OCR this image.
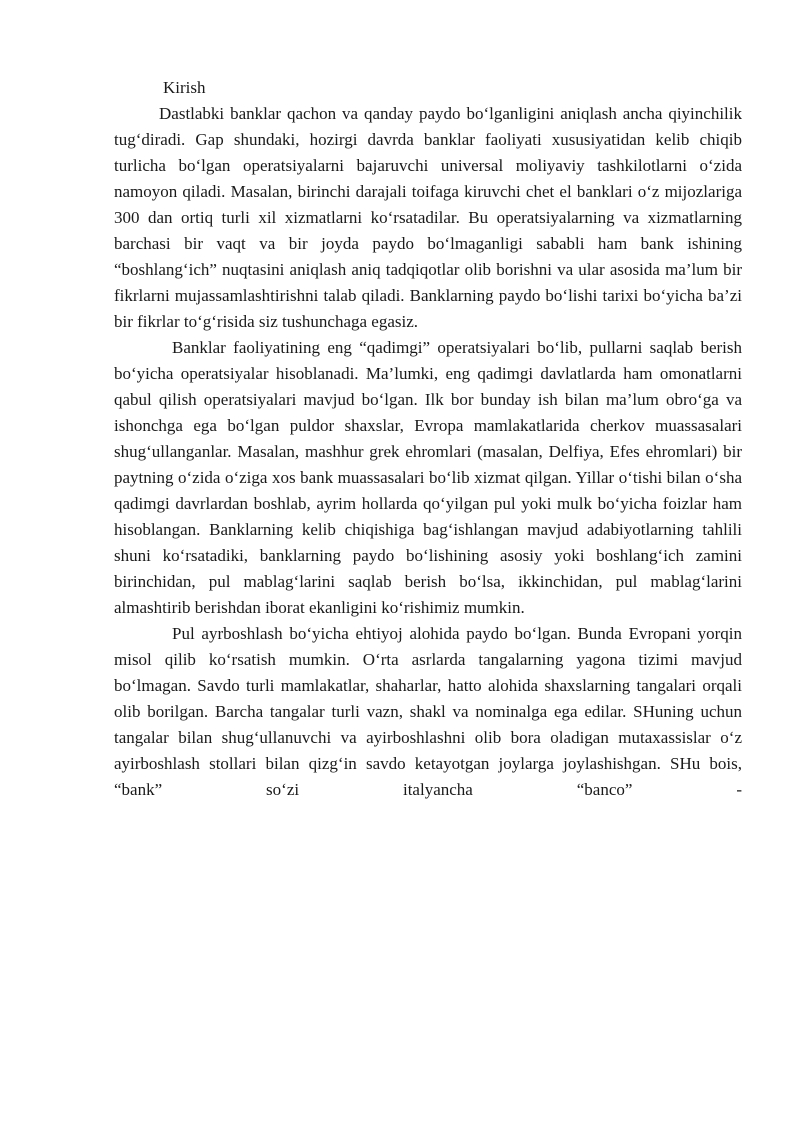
Kirish

Dastlabki banklar qachon va qanday paydo bo‘lganligini aniqlash ancha qiyinchilik tug‘diradi. Gap shundaki, hozirgi davrda banklar faoliyati xususiyatidan kelib chiqib turlicha bo‘lgan operatsiyalarni bajaruvchi universal moliyaviy tashkilotlarni o‘zida namoyon qiladi. Masalan, birinchi darajali toifaga kiruvchi chet el banklari o‘z mijozlariga 300 dan ortiq turli xil xizmatlarni ko‘rsatadilar. Bu operatsiyalarning va xizmatlarning barchasi bir vaqt va bir joyda paydo bo‘lmaganligi sababli ham bank ishining “boshlang‘ich” nuqtasini aniqlash aniq tadqiqotlar olib borishni va ular asosida ma’lum bir fikrlarni mujassamlashtirishni talab qiladi. Banklarning paydo bo‘lishi tarixi bo‘yicha ba’zi bir fikrlar to‘g‘risida siz tushunchaga egasiz.

Banklar faoliyatining eng “qadimgi” operatsiyalari bo‘lib, pullarni saqlab berish bo‘yicha operatsiyalar hisoblanadi. Ma’lumki, eng qadimgi davlatlarda ham omonatlarni qabul qilish operatsiyalari mavjud bo‘lgan. Ilk bor bunday ish bilan ma’lum obro‘ga va ishonchga ega bo‘lgan puldor shaxslar, Evropa mamlakatlarida cherkov muassasalari shug‘ullanganlar. Masalan, mashhur grek ehromlari (masalan, Delfiya, Efes ehromlari) bir paytning o‘zida o‘ziga xos bank muassasalari bo‘lib xizmat qilgan. Yillar o‘tishi bilan o‘sha qadimgi davrlardan boshlab, ayrim hollarda qo‘yilgan pul yoki mulk bo‘yicha foizlar ham hisoblangan. Banklarning kelib chiqishiga bag‘ishlangan mavjud adabiyotlarning tahlili shuni ko‘rsatadiki, banklarning paydo bo‘lishining asosiy yoki boshlang‘ich zamini birinchidan, pul mablag‘larini saqlab berish bo‘lsa, ikkinchidan, pul mablag‘larini almashtirib berishdan iborat ekanligini ko‘rishimiz mumkin.

Pul ayrboshlash bo‘yicha ehtiyoj alohida paydo bo‘lgan. Bunda Evropani yorqin misol qilib ko‘rsatish mumkin. O‘rta asrlarda tangalarning yagona tizimi mavjud bo‘lmagan. Savdo turli mamlakatlar, shaharlar, hatto alohida shaxslarning tangalari orqali olib borilgan. Barcha tangalar turli vazn, shakl va nominalga ega edilar. SHuning uchun tangalar bilan shug‘ullanuvchi va ayirboshlashni olib bora oladigan mutaxassislar o‘z ayirboshlash stollari bilan qizg‘in savdo ketayotgan joylarga joylashishgan. SHu bois, “bank” so‘zi italyancha “banco” -
